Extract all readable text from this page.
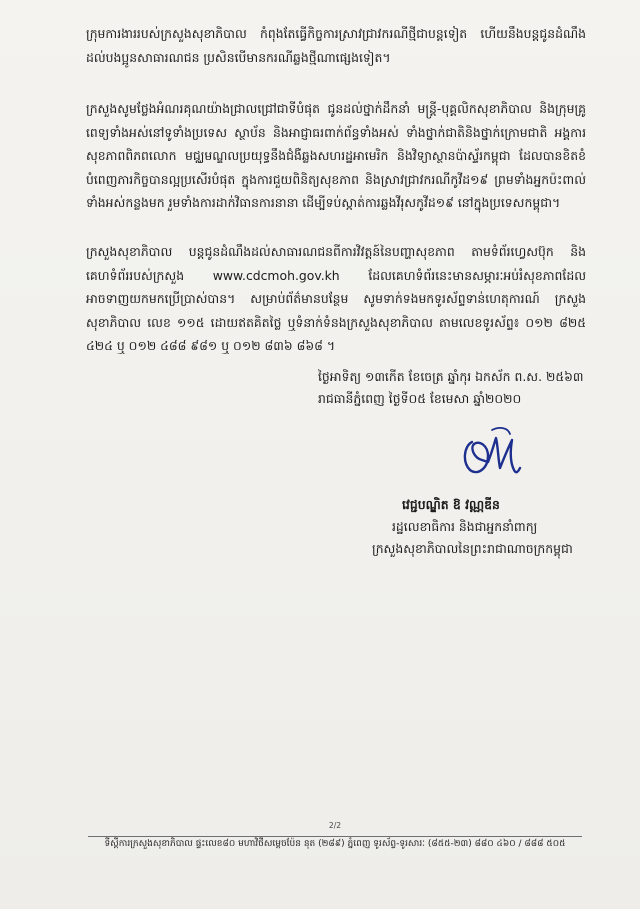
ក្រុមការងាររបស់ក្រសួងសុខាភិបាល កំពុងតែធ្វើកិច្ចការស្រាវជ្រាវករណីថ្មីជាបន្តទៀត ហើយនឹងបន្តជូនដំណឹងដល់បងប្អូនសាធារណជន ប្រសិនបើមានករណីឆ្លងថ្មីណាផ្សេងទៀត។

ក្រសួងសូមថ្លែងអំណរគុណយ៉ាងជ្រាលជ្រៅជាទីបំផុត ជូនដល់ថ្នាក់ដឹកនាំ មន្ត្រី-បុគ្គលិកសុខាភិបាល និងក្រុមគ្រូពេទ្យទាំងអស់នៅទូទាំងប្រទេស ស្ថាប័ន និងអាជ្ញាធរពាក់ព័ន្ធទាំងអស់ ទាំងថ្នាក់ជាតិនិងថ្នាក់ក្រោមជាតិ អង្គការសុខភាពពិភពលោក មជ្ឈមណ្ឌលប្រយុទ្ធនឹងជំងឺឆ្លងសហរដ្ឋអាមេរិក និងវិទ្យាស្ថានប៉ាស្ទ័រកម្ពុជា ដែលបានខិតខំបំពេញភារកិច្ចបានល្អប្រសើរបំផុត ក្នុងការជួយពិនិត្យសុខភាព និងស្រាវជ្រាវករណីកូវីដ១៩ ព្រមទាំងអ្នកប៉ះពាល់ទាំងអស់កន្លងមក រួមទាំងការដាក់វិធានការនានា ដើម្បីទប់ស្កាត់ការឆ្លងវីរុសកូវីដ១៩ នៅក្នុងប្រទេសកម្ពុជា។

ក្រសួងសុខាភិបាល បន្តជូនដំណឹងដល់សាធារណជនពីការវិវត្តន៍នៃបញ្ហាសុខភាព តាមទំព័រហ្វេសប៊ុក និងគេហទំព័ររបស់ក្រសួង www.cdcmoh.gov.kh ដែលគេហទំព័រនេះមានសម្ភារៈអប់រំសុខភាពដែលអាចទាញយកមកប្រើប្រាស់បាន។ សម្រាប់ព័ត៌មានបន្ថែម សូមទាក់ទងមកទូរស័ព្ទទាន់ហេតុការណ៍ ក្រសួងសុខាភិបាល លេខ ១១៥ ដោយឥតគិតថ្លៃ ឬទំនាក់ទំនងក្រសួងសុខាភិបាល តាមលេខទូរស័ព្ទ៖ ០១២ ៨២៥ ៤២៤ ឬ ០១២ ៤៨៨ ៩៨១ ឬ ០១២ ៨៣៦ ៨៦៨ ។

ថ្ងៃអាទិត្យ ១៣កើត ខែចេត្រ ឆ្នាំកុរ ឯកស័ក ព.ស. ២៥៦៣

រាជធានីភ្នំពេញ ថ្ងៃទី០៥ ខែមេសា ឆ្នាំ២០២០

វេជ្ជបណ្ឌិត ឱ វណ្ណឌីន

រដ្ឋលេខាធិការ និងជាអ្នកនាំពាក្យ

ក្រសួងសុខាភិបាលនៃព្រះរាជាណាចក្រកម្ពុជា

2/2

ទីស្តីការក្រសួងសុខាភិបាល ផ្ទះលេខ៨០ មហាវិថីសម្តេចប៉ែន នុត (២៨៩) ភ្នំពេញ ទូរស័ព្ទ-ទូរសារៈ (៨៥៥-២៣) ៨៨០ ៤៦០ / ៨៨៨ ៥០៥
